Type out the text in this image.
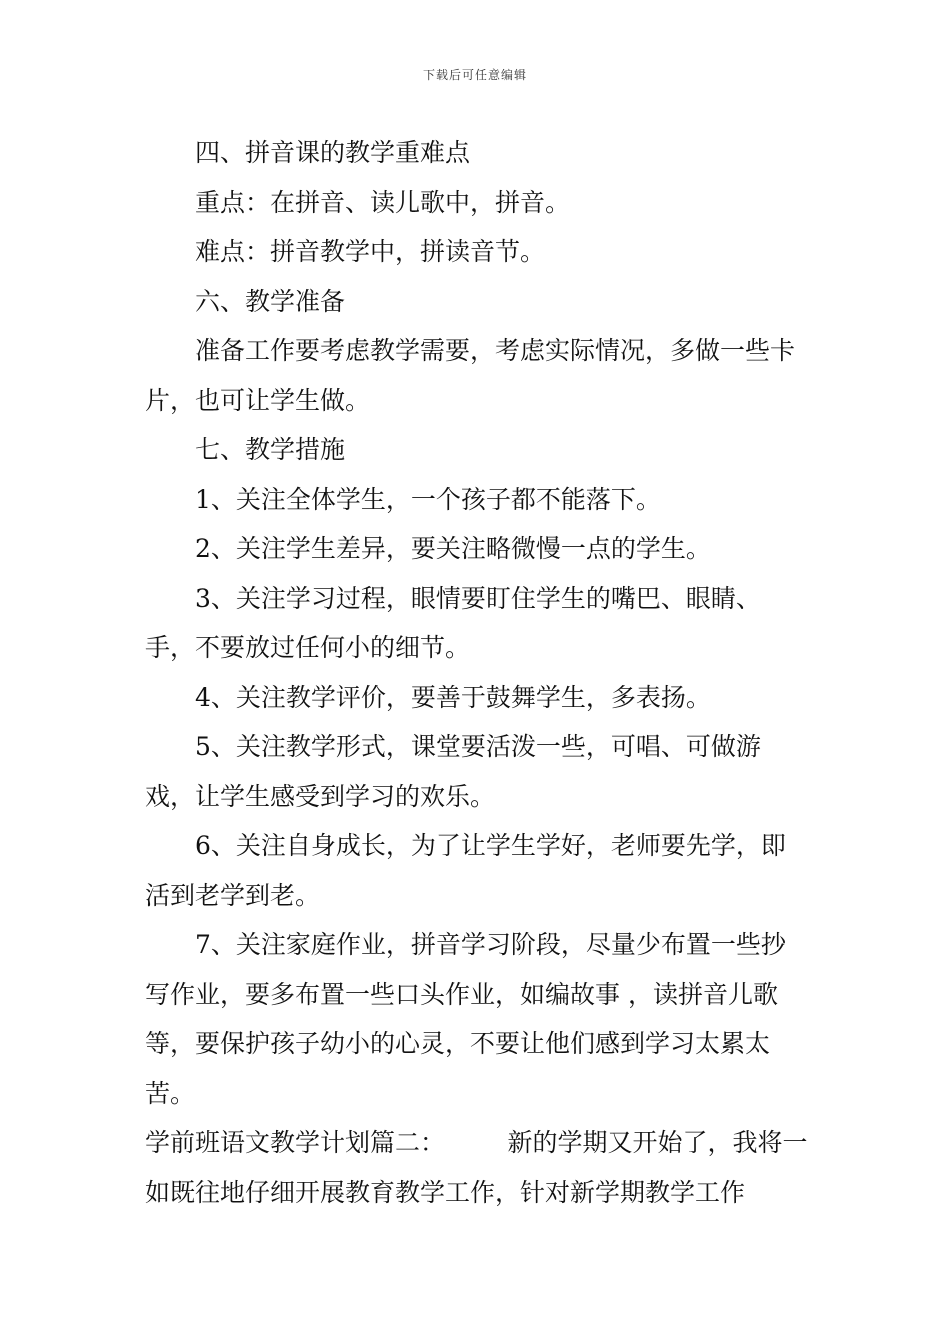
下载后可任意编辑

四、拼音课的教学重难点

重点：在拼音、读儿歌中，拼音。

难点：拼音教学中，拼读音节。

六、教学准备

准备工作要考虑教学需要，考虑实际情况，多做一些卡片，也可让学生做。

七、教学措施

1、关注全体学生，一个孩子都不能落下。

2、关注学生差异，要关注略微慢一点的学生。

3、关注学习过程，眼情要盯住学生的嘴巴、眼睛、手，不要放过任何小的细节。

4、关注教学评价，要善于鼓舞学生，多表扬。

5、关注教学形式，课堂要活泼一些，可唱、可做游戏，让学生感受到学习的欢乐。

6、关注自身成长，为了让学生学好，老师要先学，即活到老学到老。

7、关注家庭作业，拼音学习阶段，尽量少布置一些抄写作业，要多布置一些口头作业，如编故事 ，读拼音儿歌等，要保护孩子幼小的心灵，不要让他们感到学习太累太苦。

学前班语文教学计划篇二：　　　新的学期又开始了，我将一如既往地仔细开展教育教学工作，针对新学期教学工作
